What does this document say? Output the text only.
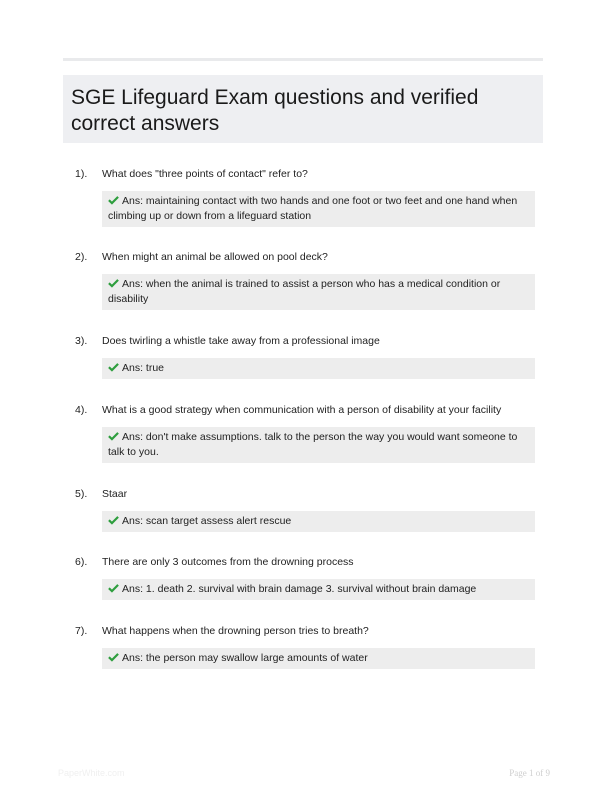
SGE Lifeguard Exam questions and verified correct answers
1).	What does "three points of contact" refer to?
Ans: maintaining contact with two hands and one foot or two feet and one hand when climbing up or down from a lifeguard station
2).	When might an animal be allowed on pool deck?
Ans: when the animal is trained to assist a person who has a medical condition or disability
3).	Does twirling a whistle take away from a professional image
Ans: true
4).	What is a good strategy when communication with a person of disability at your facility
Ans: don't make assumptions. talk to the person the way you would want someone to talk to you.
5).	Staar
Ans: scan target assess alert rescue
6).	There are only 3 outcomes from the drowning process
Ans: 1. death 2. survival with brain damage 3. survival without brain damage
7).	What happens when the drowning person tries to breath?
Ans: the person may swallow large amounts of water
PaperWhite.com	Page 1 of 9
